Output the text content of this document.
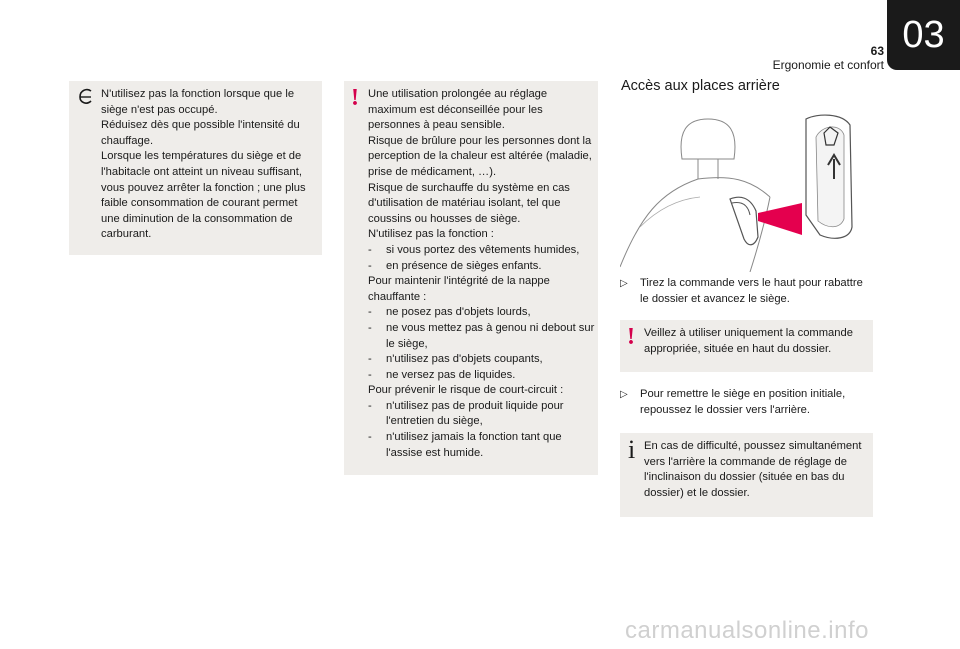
63
Ergonomie et confort
03

N'utilisez pas la fonction lorsque que le siège n'est pas occupé.

Réduisez dès que possible l'intensité du chauffage.

Lorsque les températures du siège et de l'habitacle ont atteint un niveau suffisant, vous pouvez arrêter la fonction ; une plus faible consommation de courant permet une diminution de la consommation de carburant.

! Une utilisation prolongée au réglage maximum est déconseillée pour les personnes à peau sensible.

Risque de brûlure pour les personnes dont la perception de la chaleur est altérée (maladie, prise de médicament, …).

Risque de surchauffe du système en cas d'utilisation de matériau isolant, tel que coussins ou housses de siège.

N'utilisez pas la fonction :

-	si vous portez des vêtements humides,
-	en présence de sièges enfants.

Pour maintenir l'intégrité de la nappe chauffante :

-	ne posez pas d'objets lourds,
-	ne vous mettez pas à genou ni debout sur le siège,
-	n'utilisez pas d'objets coupants,
-	ne versez pas de liquides.

Pour prévenir le risque de court-circuit :

-	n'utilisez pas de produit liquide pour l'entretien du siège,
-	n'utilisez jamais la fonction tant que l'assise est humide.
Accès aux places arrière
▷	Tirez la commande vers le haut pour rabattre le dossier et avancez le siège.
! Veillez à utiliser uniquement la commande appropriée, située en haut du dossier.
▷	Pour remettre le siège en position initiale, repoussez le dossier vers l'arrière.
i En cas de difficulté, poussez simultanément vers l'arrière la commande de réglage de l'inclinaison du dossier (située en bas du dossier) et le dossier.
carmanualsonline.info
